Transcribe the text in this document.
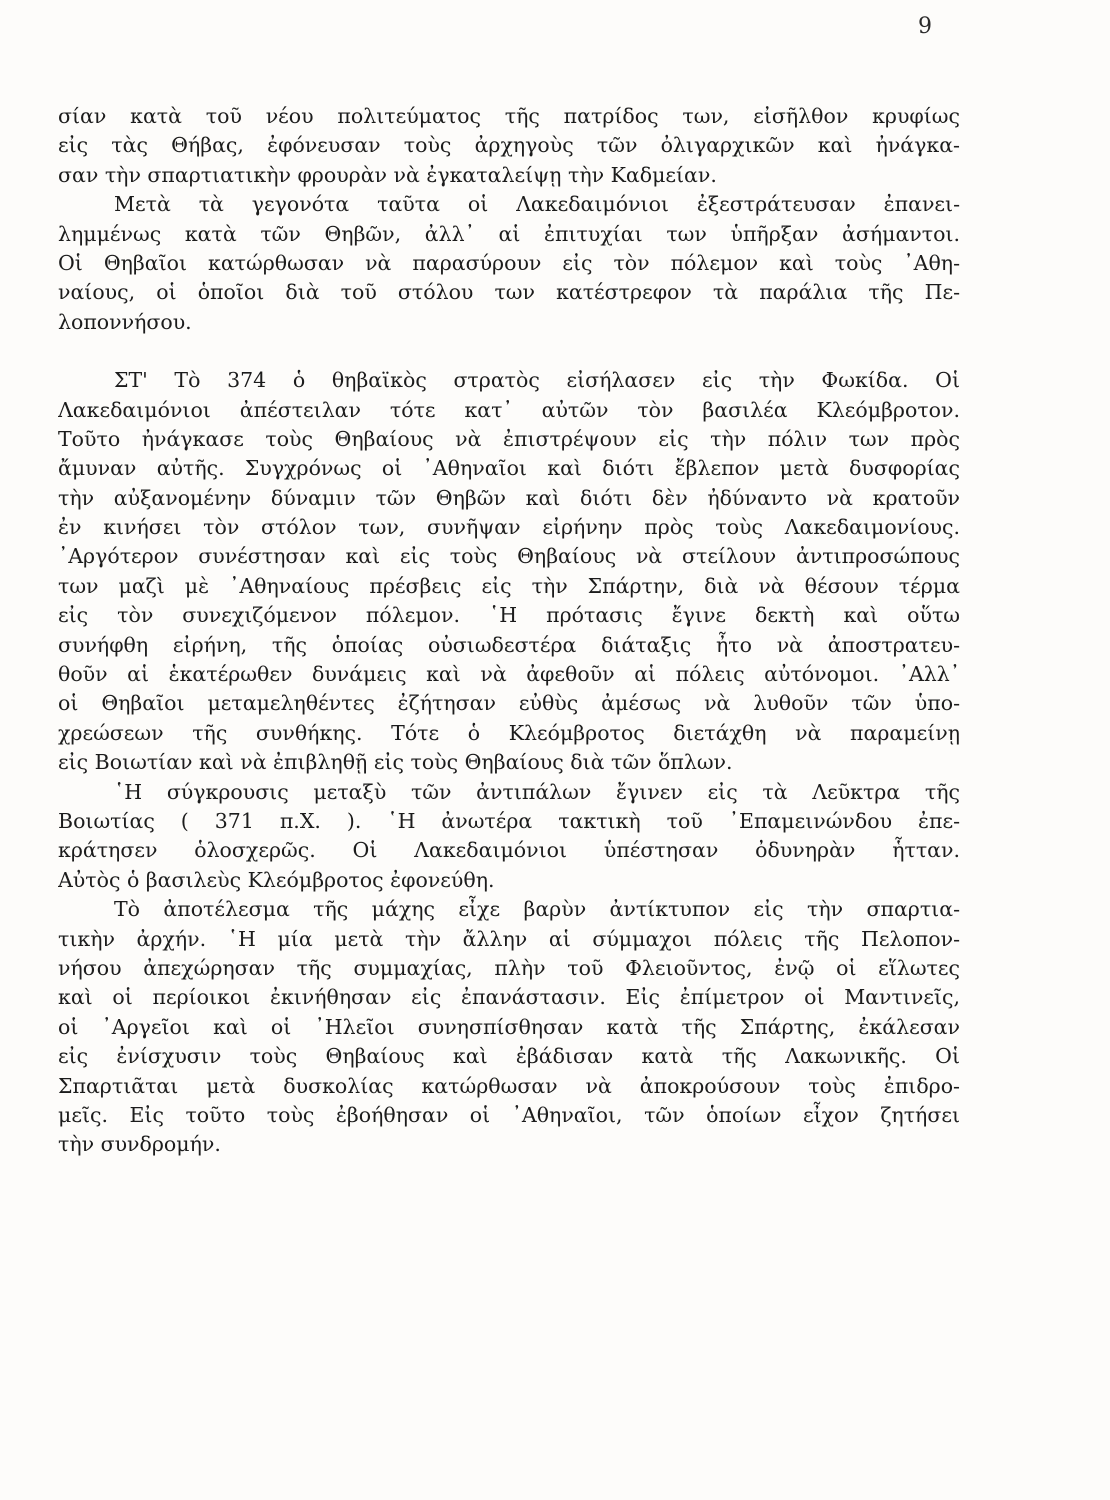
9
σίαν κατὰ τοῦ νέου πολιτεύματος τῆς πατρίδος των, εἰσῆλθον κρυφίως
εἰς τὰς Θήβας, ἐφόνευσαν τοὺς ἀρχηγοὺς τῶν ὀλιγαρχικῶν καὶ ἠνάγκα-
σαν τὴν σπαρτιατικὴν φρουρὰν νὰ ἐγκαταλείψῃ τὴν Καδμείαν.
Μετὰ τὰ γεγονότα ταῦτα οἱ Λακεδαιμόνιοι ἐξεστράτευσαν ἐπανει-
λημμένως κατὰ τῶν Θηβῶν, ἀλλ᾽ αἱ ἐπιτυχίαι των ὑπῆρξαν ἀσήμαντοι.
Οἱ Θηβαῖοι κατώρθωσαν νὰ παρασύρουν εἰς τὸν πόλεμον καὶ τοὺς ᾿Αθη-
ναίους, οἱ ὁποῖοι διὰ τοῦ στόλου των κατέστρεφον τὰ παράλια τῆς Πε-
λοποννήσου.
ΣΤ' Τὸ 374 ὁ θηβαϊκὸς στρατὸς εἰσήλασεν εἰς τὴν Φωκίδα. Οἱ
Λακεδαιμόνιοι ἀπέστειλαν τότε κατ᾽ αὐτῶν τὸν βασιλέα Κλεόμβροτον.
Τοῦτο ἠνάγκασε τοὺς Θηβαίους νὰ ἐπιστρέψουν εἰς τὴν πόλιν των πρὸς
ἄμυναν αὐτῆς. Συγχρόνως οἱ ᾿Αθηναῖοι καὶ διότι ἔβλεπον μετὰ δυσφορίας
τὴν αὐξανομένην δύναμιν τῶν Θηβῶν καὶ διότι δὲν ἠδύναντο νὰ κρατοῦν
ἐν κινήσει τὸν στόλον των, συνῆψαν εἰρήνην πρὸς τοὺς Λακεδαιμονίους.
᾿Αργότερον συνέστησαν καὶ εἰς τοὺς Θηβαίους νὰ στείλουν ἀντιπροσώπους
των μαζὶ μὲ ᾿Αθηναίους πρέσβεις εἰς τὴν Σπάρτην, διὰ νὰ θέσουν τέρμα
εἰς τὸν συνεχιζόμενον πόλεμον. ῾Η πρότασις ἔγινε δεκτὴ καὶ οὕτω
συνήφθη εἰρήνη, τῆς ὁποίας οὐσιωδεστέρα διάταξις ἦτο νὰ ἀποστρατευ-
θοῦν αἱ ἑκατέρωθεν δυνάμεις καὶ νὰ ἀφεθοῦν αἱ πόλεις αὐτόνομοι. ᾿Αλλ᾽
οἱ Θηβαῖοι μεταμεληθέντες ἐζήτησαν εὐθὺς ἀμέσως νὰ λυθοῦν τῶν ὑπο-
χρεώσεων τῆς συνθήκης. Τότε ὁ Κλεόμβροτος διετάχθη νὰ παραμείνῃ
εἰς Βοιωτίαν καὶ νὰ ἐπιβληθῇ εἰς τοὺς Θηβαίους διὰ τῶν ὅπλων.
῾Η σύγκρουσις μεταξὺ τῶν ἀντιπάλων ἔγινεν εἰς τὰ Λεῦκτρα τῆς
Βοιωτίας ( 371 π.Χ. ). ῾Η ἀνωτέρα τακτικὴ τοῦ ᾿Επαμεινώνδου ἐπε-
κράτησεν ὁλοσχερῶς. Οἱ Λακεδαιμόνιοι ὑπέστησαν ὀδυνηρὰν ἧτταν.
Αὐτὸς ὁ βασιλεὺς Κλεόμβροτος ἐφονεύθη.
Τὸ ἀποτέλεσμα τῆς μάχης εἶχε βαρὺν ἀντίκτυπον εἰς τὴν σπαρτια-
τικὴν ἀρχήν. ῾Η μία μετὰ τὴν ἄλλην αἱ σύμμαχοι πόλεις τῆς Πελοπον-
νήσου ἀπεχώρησαν τῆς συμμαχίας, πλὴν τοῦ Φλειοῦντος, ἐνῷ οἱ εἵλωτες
καὶ οἱ περίοικοι ἐκινήθησαν εἰς ἐπανάστασιν. Εἰς ἐπίμετρον οἱ Μαντινεῖς,
οἱ ᾿Αργεῖοι καὶ οἱ ᾿Ηλεῖοι συνησπίσθησαν κατὰ τῆς Σπάρτης, ἐκάλεσαν
εἰς ἐνίσχυσιν τοὺς Θηβαίους καὶ ἐβάδισαν κατὰ τῆς Λακωνικῆς. Οἱ
Σπαρτιᾶται μετὰ δυσκολίας κατώρθωσαν νὰ ἀποκρούσουν τοὺς ἐπιδρο-
μεῖς. Εἰς τοῦτο τοὺς ἐβοήθησαν οἱ ᾿Αθηναῖοι, τῶν ὁποίων εἶχον ζητήσει
τὴν συνδρομήν.
